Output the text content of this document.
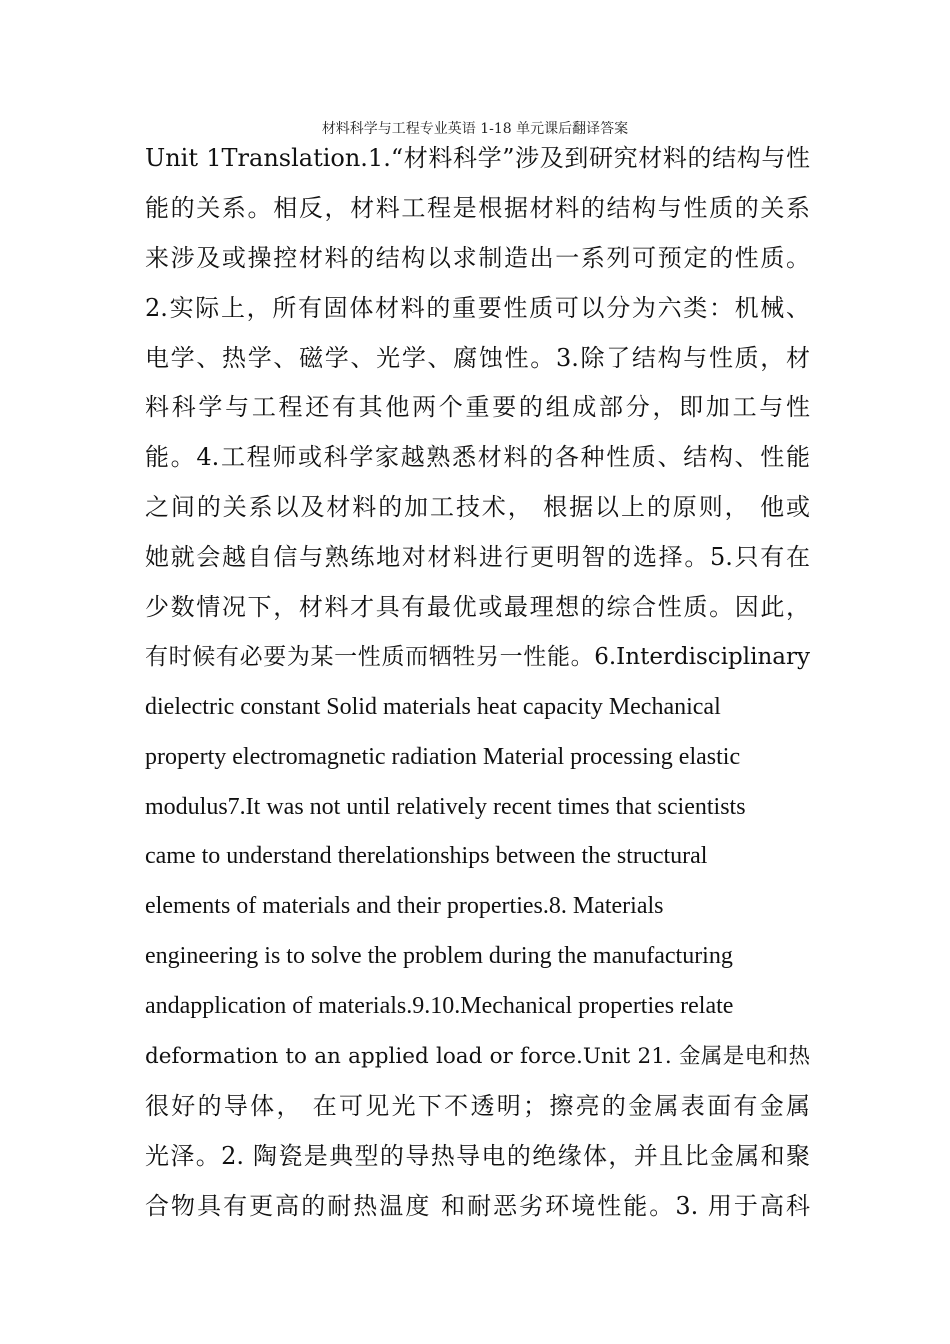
材料科学与工程专业英语 1-18 单元课后翻译答案
Unit 1Translation.1.“材料科学”涉及到研究材料的结构与性
能的关系。相反，材料工程是根据材料的结构与性质的关系
来涉及或操控材料的结构以求制造出一系列可预定的性质。
2.实际上，所有固体材料的重要性质可以分为六类：机械、
电学、热学、磁学、光学、腐蚀性。3.除了结构与性质，材
料科学与工程还有其他两个重要的组成部分，即加工与性
能。4.工程师或科学家越熟悉材料的各种性质、结构、性能
之间的关系以及材料的加工技术， 根据以上的原则， 他或
她就会越自信与熟练地对材料进行更明智的选择。5.只有在
少数情况下，材料才具有最优或最理想的综合性质。因此，
有时候有必要为某一性质而牺牲另一性能。6.Interdisciplinary
dielectric constant Solid materials heat capacity Mechanical
property electromagnetic radiation Material processing elastic
modulus7.It was not until relatively recent times that scientists
came to understand therelationships between the structural
elements of materials and their properties.8. Materials
engineering is to solve the problem during the manufacturing
andapplication of materials.9.10.Mechanical properties relate
deformation to an applied load or force.Unit 21. 金属是电和热
很好的导体， 在可见光下不透明；擦亮的金属表面有金属
光泽。2. 陶瓷是典型的导热导电的绝缘体，并且比金属和聚
合物具有更高的耐热温度 和耐恶劣环境性能。3. 用于高科
